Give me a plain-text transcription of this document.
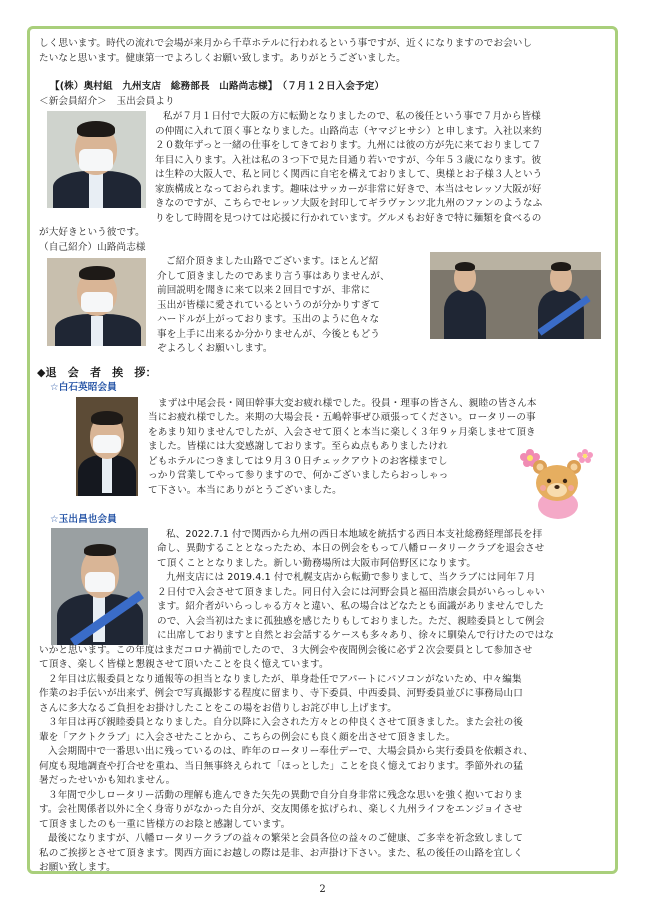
しく思います。時代の流れで会場が来月から千草ホテルに行われるという事ですが、近くになりますのでお会いし

たいなと思います。健康第一でよろしくお願い致します。ありがとうございました。

【(株）奥村組　九州支店　総務部長　山路尚志様】　（７月１２日入会予定）

＜新会員紹介＞　玉出会員より

私が７月１日付で大阪の方に転勤となりましたので、私の後任という事で７月から皆様

の仲間に入れて頂く事となりました。山路尚志（ヤマジヒサシ）と申します。入社以来約

２０数年ずっと一緒の仕事をしてきております。九州には彼の方が先に来ておりまして７

年目に入ります。入社は私の３つ下で見た目通り若いですが、今年５３歳になります。彼

は生粋の大阪人で、私と同じく関西に自宅を構えておりまして、奥様とお子様３人という

家族構成となっておられます。趣味はサッカーが非常に好きで、本当はセレッソ大阪が好

きなのですが、こちらでセレッソ大阪を封印してギラヴァンツ北九州のファンのようなふ

りをして時間を見つけては応援に行かれています。グルメもお好きで特に麺類を食べるの

が大好きという彼です。

（自己紹介）山路尚志様

ご紹介頂きました山路でございます。ほとんど紹

介して頂きましたのであまり言う事はありませんが、

前回説明を聞きに来て以来２回目ですが、非常に

玉出が皆様に愛されているというのが分かりすぎて

ハードルが上がっております。玉出のように色々な

事を上手に出来るか分かりませんが、今後ともどう

ぞよろしくお願いします。

◆退　会　者　挨　拶：

☆白石英昭会員

まずは中尾会長・岡田幹事大変お疲れ様でした。役員・理事の皆さん、親睦の皆さん本

当にお疲れ様でした。来期の大場会長・五嶋幹事ぜひ頑張ってください。ロータリーの事

をあまり知りませんでしたが、入会させて頂くと本当に楽しく３年９ヶ月楽しませて頂き

ました。皆様には大変感謝しております。至らぬ点もありましたけれ

どもホテルにつきましては９月３０日チェックアウトのお客様までし

っかり営業してやって参りますので、何かございましたらおっしゃっ

て下さい。本当にありがとうございました。

☆玉出昌也会員

私、2022.7.1 付で関西から九州の西日本地域を統括する西日本支社総務経理部長を拝

命し、異動することとなったため、本日の例会をもって八幡ロータリークラブを退会させ

て頂くこととなりました。新しい勤務場所は大阪市阿倍野区になります。

九州支店には 2019.4.1 付で札幌支店から転勤で参りまして、当クラブには同年７月

２日付で入会させて頂きました。同日付入会には河野会員と福田浩康会員がいらっしゃい

ます。紹介者がいらっしゃる方々と違い、私の場合はどなたとも面識がありませんでした

ので、入会当初はたまに孤独感を感じたりもしておりました。ただ、親睦委員として例会

に出席しておりますと自然とお会話するケースも多々あり、徐々に馴染んで行けたのではな

いかと思います。この年度はまだコロナ禍前でしたので、３大例会や夜間例会後に必ず２次会要員として参加させ

て頂き、楽しく皆様と懇親させて頂いたことを良く憶えています。

２年目は広報委員となり通報等の担当となりましたが、単身赴任でアパートにパソコンがないため、中々編集

作業のお手伝いが出来ず、例会で写真撮影する程度に留まり、寺下委員、中西委員、河野委員並びに事務局山口

さんに多大なるご負担をお掛けしたことをこの場をお借りしお詫び申し上げます。

３年目は再び親睦委員となりました。自分以降に入会された方々との仲良くさせて頂きました。また会社の後

輩を「アクトクラブ」に入会させたことから、こちらの例会にも良く顔を出させて頂きました。

入会期間中で一番思い出に残っているのは、昨年のロータリー奉仕デーで、大場会員から実行委員を依頼され、

何度も現地調査や打合せを重ね、当日無事終えられて「ほっとした」ことを良く憶えております。季節外れの猛

暑だったせいかも知れません。

３年間で少しロータリー活動の理解も進んできた矢先の異動で自分自身非常に残念な思いを強く抱いておりま

す。会社関係者以外に全く身寄りがなかった自分が、交友関係を拡げられ、楽しく九州ライフをエンジョイさせ

て頂きましたのも一重に皆様方のお陰と感謝しています。

最後になりますが、八幡ロータリークラブの益々の繁栄と会員各位の益々のご健康、ご多幸を祈念致しまして

私のご挨拶とさせて頂きます。関西方面にお越しの際は是非、お声掛け下さい。また、私の後任の山路を宜しく

お願い致します。

2
